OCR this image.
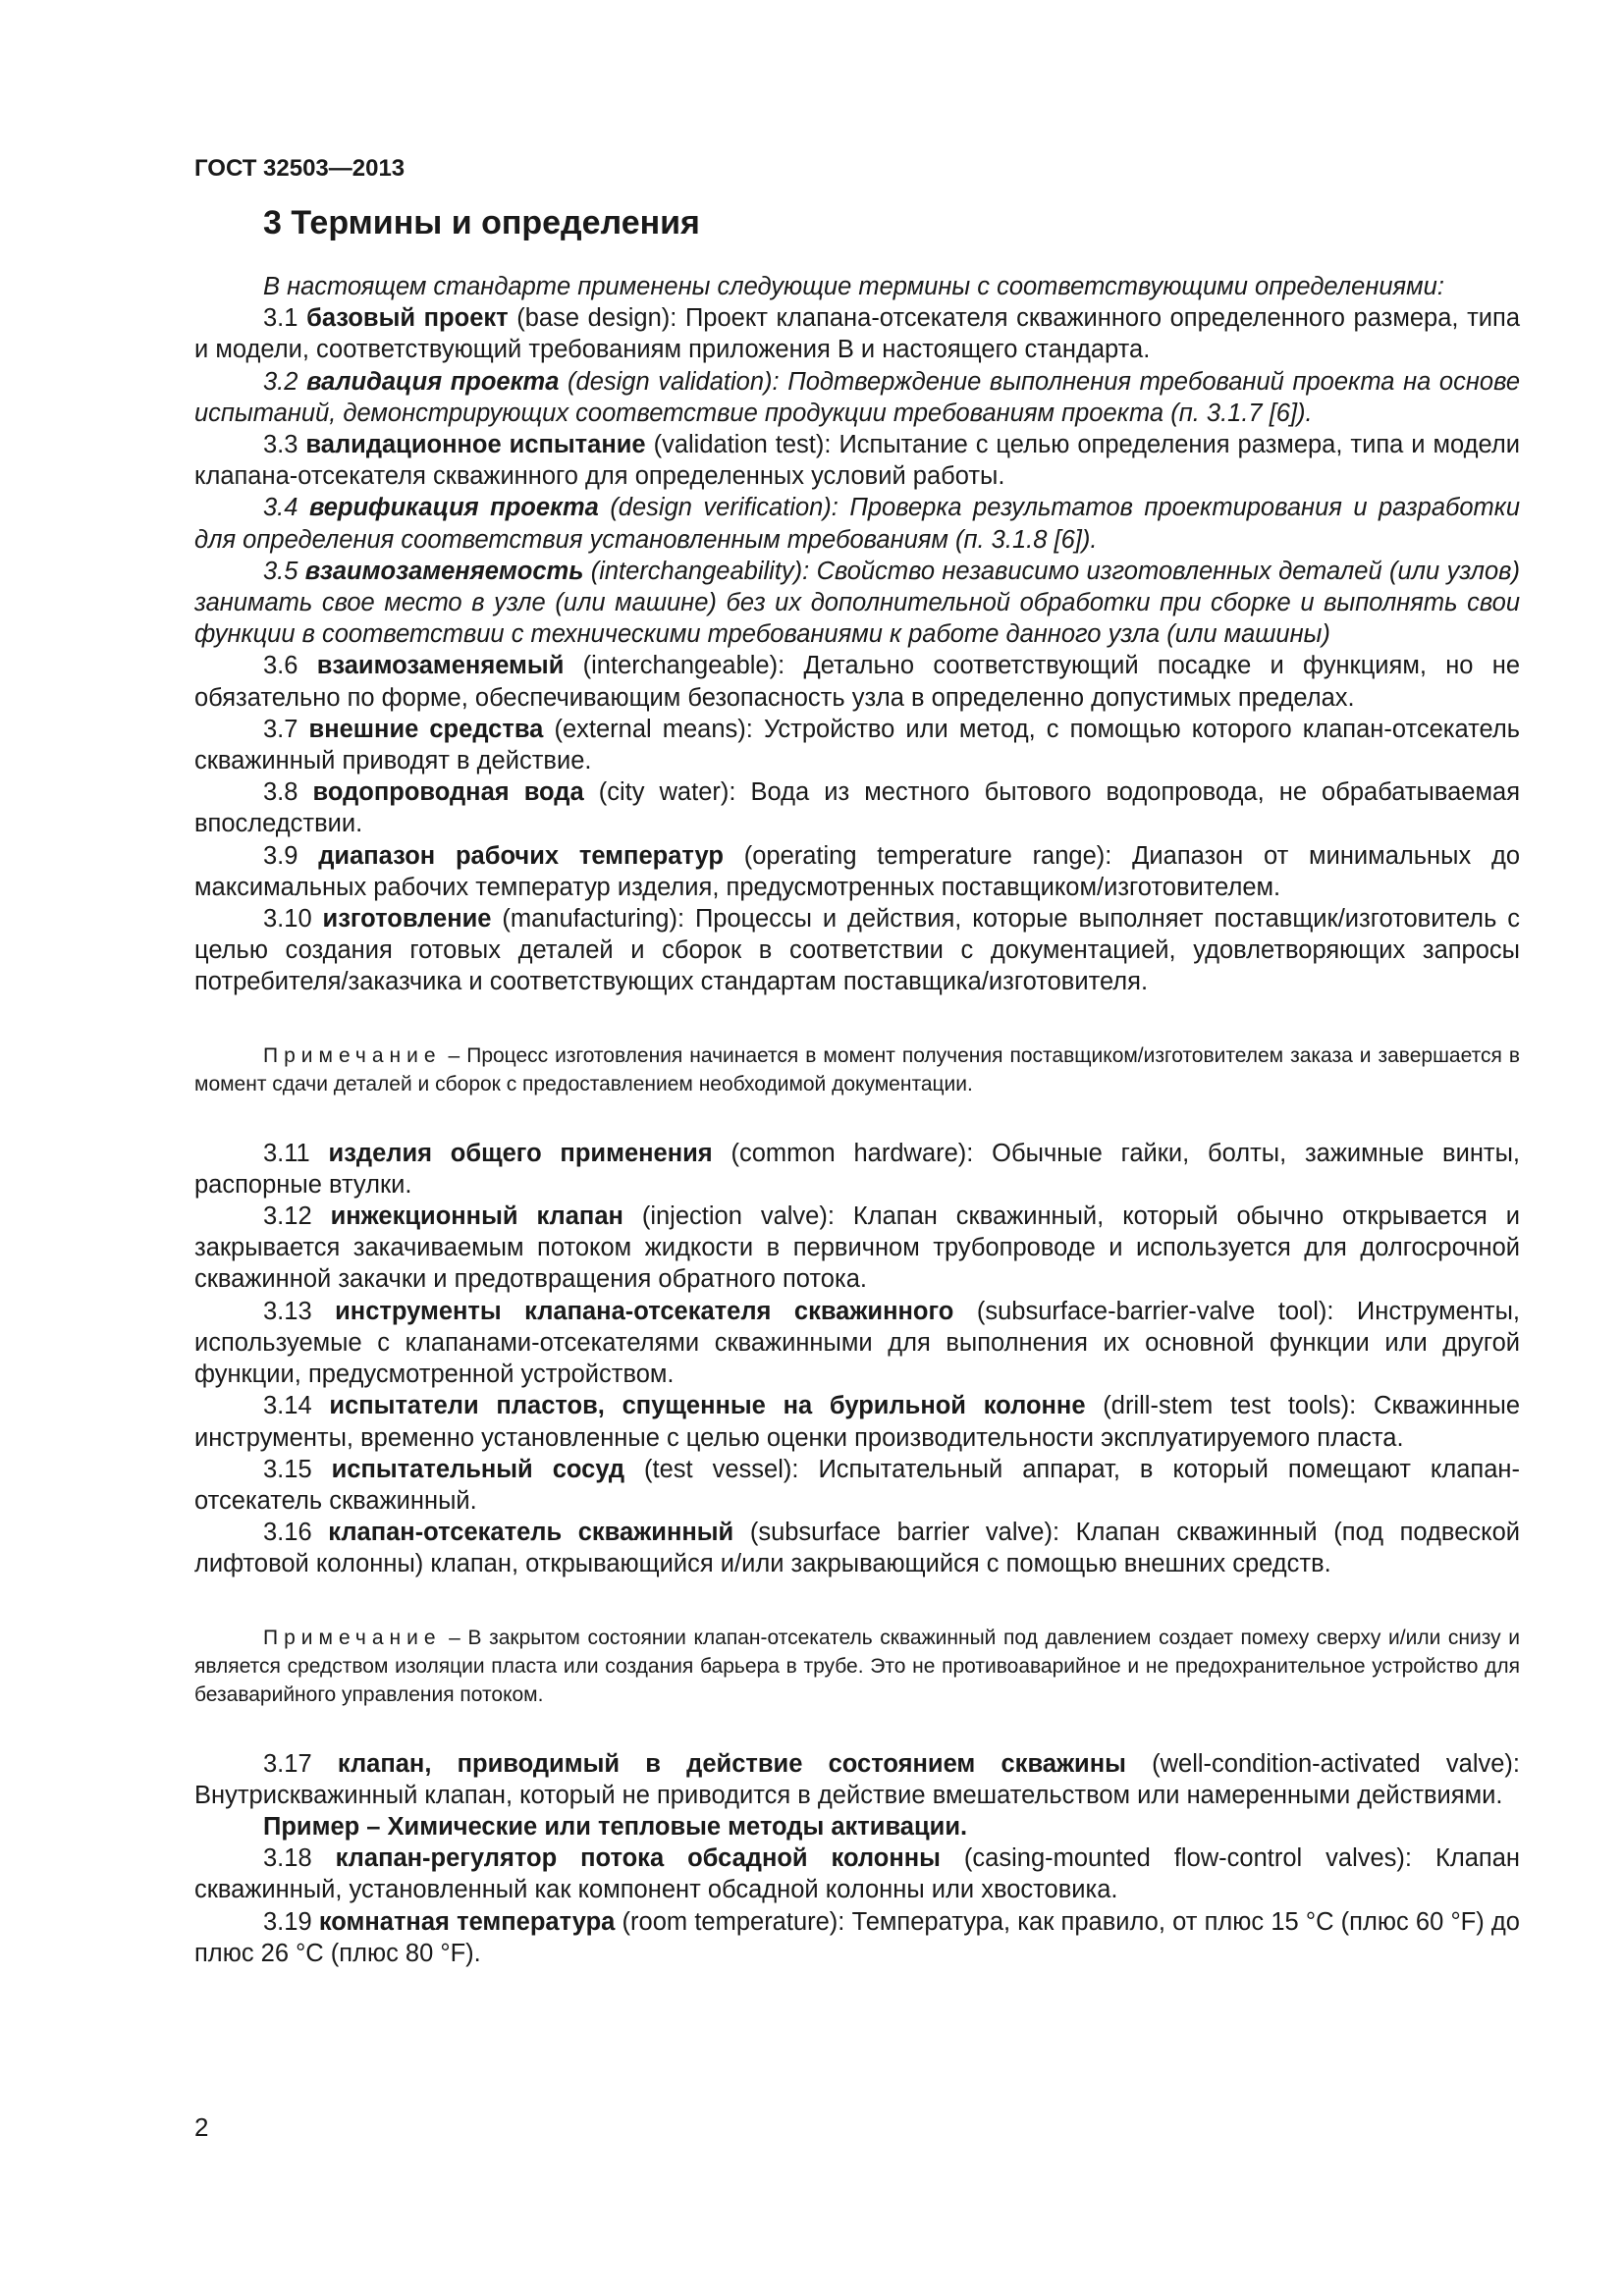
ГОСТ 32503—2013
3 Термины и определения

В настоящем стандарте применены следующие термины с соответствующими определениями:

3.1 базовый проект (base design): Проект клапана-отсекателя скважинного определенного размера, типа и модели, соответствующий требованиям приложения В и настоящего стандарта.

3.2 валидация проекта (design validation): Подтверждение выполнения требований проекта на основе испытаний, демонстрирующих соответствие продукции требованиям проекта (п. 3.1.7 [6]).

3.3 валидационное испытание (validation test): Испытание с целью определения размера, типа и модели клапана-отсекателя скважинного для определенных условий работы.

3.4 верификация проекта (design verification): Проверка результатов проектирования и разработки для определения соответствия установленным требованиям (п. 3.1.8 [6]).

3.5 взаимозаменяемость (interchangeability): Свойство независимо изготовленных деталей (или узлов) занимать свое место в узле (или машине) без их дополнительной обработки при сборке и выполнять свои функции в соответствии с техническими требованиями к работе данного узла (или машины)

3.6 взаимозаменяемый (interchangeable): Детально соответствующий посадке и функциям, но не обязательно по форме, обеспечивающим безопасность узла в определенно допустимых пределах.

3.7 внешние средства (external means): Устройство или метод, с помощью которого клапан-отсекатель скважинный приводят в действие.

3.8 водопроводная вода (city water): Вода из местного бытового водопровода, не обрабатываемая впоследствии.

3.9 диапазон рабочих температур (operating temperature range): Диапазон от минимальных до максимальных рабочих температур изделия, предусмотренных поставщиком/изготовителем.

3.10 изготовление (manufacturing): Процессы и действия, которые выполняет поставщик/изготовитель с целью создания готовых деталей и сборок в соответствии с документацией, удовлетворяющих запросы потребителя/заказчика и соответствующих стандартам поставщика/изготовителя.

Примечание – Процесс изготовления начинается в момент получения поставщиком/изготовителем заказа и завершается в момент сдачи деталей и сборок с предоставлением необходимой документации.

3.11 изделия общего применения (common hardware): Обычные гайки, болты, зажимные винты, распорные втулки.

3.12 инжекционный клапан (injection valve): Клапан скважинный, который обычно открывается и закрывается закачиваемым потоком жидкости в первичном трубопроводе и используется для долгосрочной скважинной закачки и предотвращения обратного потока.

3.13 инструменты клапана-отсекателя скважинного (subsurface-barrier-valve tool): Инструменты, используемые с клапанами-отсекателями скважинными для выполнения их основной функции или другой функции, предусмотренной устройством.

3.14 испытатели пластов, спущенные на бурильной колонне (drill-stem test tools): Скважинные инструменты, временно установленные с целью оценки производительности эксплуатируемого пласта.

3.15 испытательный сосуд (test vessel): Испытательный аппарат, в который помещают клапан-отсекатель скважинный.

3.16 клапан-отсекатель скважинный (subsurface barrier valve): Клапан скважинный (под подвеской лифтовой колонны) клапан, открывающийся и/или закрывающийся с помощью внешних средств.

Примечание – В закрытом состоянии клапан-отсекатель скважинный под давлением создает помеху сверху и/или снизу и является средством изоляции пласта или создания барьера в трубе. Это не противоаварийное и не предохранительное устройство для безаварийного управления потоком.

3.17 клапан, приводимый в действие состоянием скважины (well-condition-activated valve): Внутрискважинный клапан, который не приводится в действие вмешательством или намеренными действиями.

Пример – Химические или тепловые методы активации.

3.18 клапан-регулятор потока обсадной колонны (casing-mounted flow-control valves): Клапан скважинный, установленный как компонент обсадной колонны или хвостовика.

3.19 комнатная температура (room temperature): Температура, как правило, от плюс 15 °С (плюс 60 °F) до плюс 26 °С (плюс 80 °F).

2
